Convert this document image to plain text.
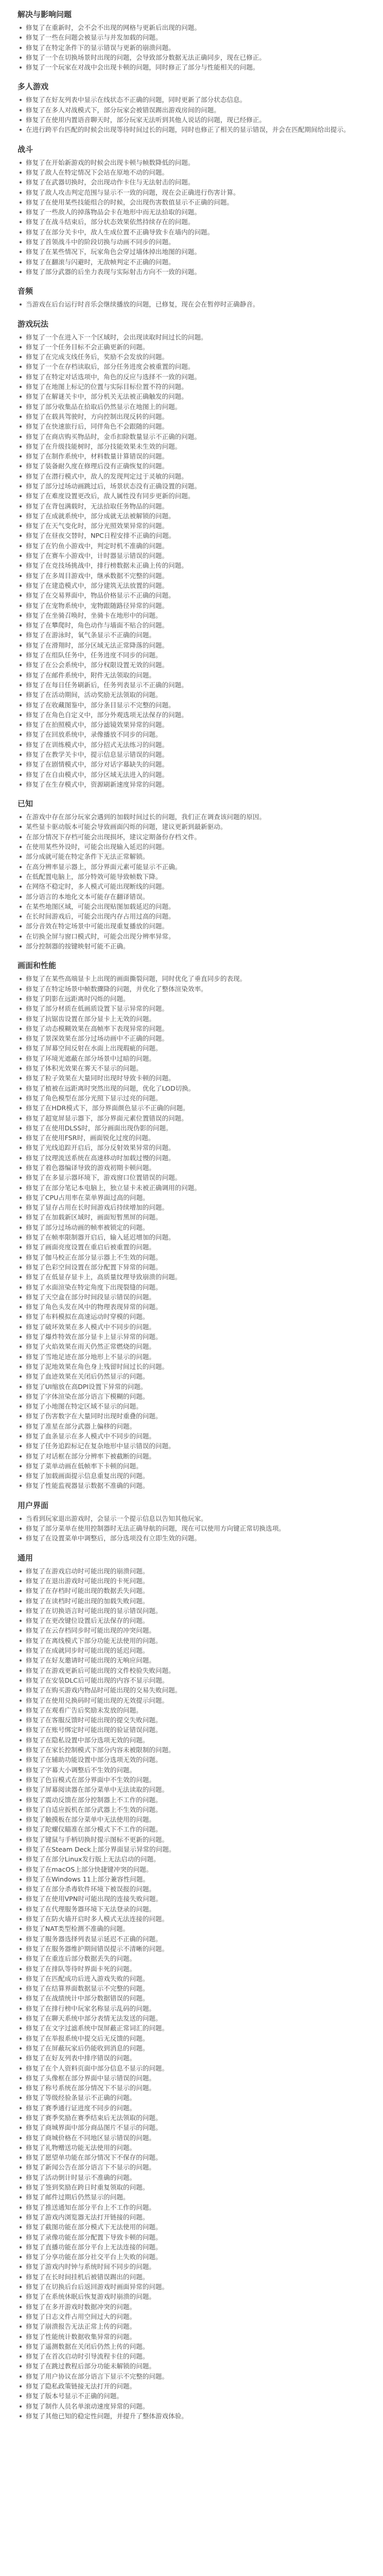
解决与影响问题
修复了在重新时，会不会不出现的网格与更新后出现的问题。
修复了一些在问题会被显示与并发加载的问题。
修复了在特定条件下的显示错误与更新的崩溃问题。
修复了一个在切换场景时出现的问题，会导致部分数据无法正确同步，现在已修正。
修复了一个玩家在对战中会出现卡顿的问题，同时修正了部分与性能相关的问题。
多人游戏
修复了在好友列表中显示在线状态不正确的问题，同时更新了部分状态信息。
修复了在多人对战模式下，部分玩家会被错误踢出游戏房间的问题。
修复了在使用内置语音聊天时，部分玩家无法听到其他人说话的问题，现已经修正。
在进行跨平台匹配的时候会出现等待时间过长的问题，同时也修正了相关的显示错误，并会在匹配期间给出提示。
战斗
修复了在开始新游戏的时候会出现卡顿与帧数降低的问题。
修复了敌人在特定情况下会站在原地不动的问题。
修复了在武器切换时，会出现动作卡住与无法射击的问题。
修复了敌人攻击判定范围与显示不一致的问题，现在会正确进行伤害计算。
修复了在使用某些技能组合的时候，会出现伤害数值显示不正确的问题。
修复了一些敌人的掉落物品会卡在地形中而无法拾取的问题。
修复了在战斗结束后，部分状态效果依然持续存在的问题。
修复了在部分关卡中，敌人生成位置不正确导致卡在墙内的问题。
修复了首领战斗中的阶段切换与动画不同步的问题。
修复了在某些情况下，玩家角色会穿过墙体掉出地图的问题。
修复了在翻滚与闪避时，无敌帧判定不正确的问题。
修复了部分武器的后坐力表现与实际射击方向不一致的问题。
音频
当游戏在后台运行时音乐会继续播放的问题，已修复，现在会在暂停时正确静音。
游戏玩法
修复了一个在进入下一个区域时，会出现读取时间过长的问题。
修复了一个任务目标不会正确更新的问题。
修复了在完成支线任务后，奖励不会发放的问题。
修复了一个在存档读取后，部分任务进度会被重置的问题。
修复了在特定对话选项中，角色的反应与选择不一致的问题。
修复了在地图上标记的位置与实际目标位置不符的问题。
修复了在解谜关卡中，部分机关无法被正确触发的问题。
修复了部分收集品在拾取后仍然显示在地图上的问题。
修复了在载具驾驶时，方向控制出现反转的问题。
修复了在快速旅行后，同伴角色不会跟随的问题。
修复了在商店购买物品时，金币扣除数量显示不正确的问题。
修复了在升级技能树时，部分技能效果未生效的问题。
修复了在制作系统中，材料数量计算错误的问题。
修复了装备耐久度在修理后没有正确恢复的问题。
修复了在潜行模式中，敌人的发现判定过于灵敏的问题。
修复了部分过场动画跳过后，场景状态没有正确设置的问题。
修复了在难度设置更改后，敌人属性没有同步更新的问题。
修复了在背包满载时，无法拾取任务物品的问题。
修复了在成就系统中，部分成就无法被解锁的问题。
修复了在天气变化时，部分光照效果异常的问题。
修复了在昼夜交替时，NPC日程安排不正确的问题。
修复了在钓鱼小游戏中，判定时机不准确的问题。
修复了在赛车小游戏中，计时器显示错误的问题。
修复了在竞技场挑战中，排行榜数据未正确上传的问题。
修复了在多周目游戏中，继承数据不完整的问题。
修复了在建造模式中，部分建筑无法放置的问题。
修复了在交易界面中，物品价格显示不正确的问题。
修复了在宠物系统中，宠物跟随路径异常的问题。
修复了在坐骑召唤时，坐骑卡在地形中的问题。
修复了在攀爬时，角色动作与墙面不贴合的问题。
修复了在游泳时，氧气条显示不正确的问题。
修复了在滑翔时，部分区域无法正常降落的问题。
修复了在组队任务中，任务进度不同步的问题。
修复了在公会系统中，部分权限设置无效的问题。
修复了在邮件系统中，附件无法领取的问题。
修复了在每日任务刷新后，任务列表显示不正确的问题。
修复了在活动期间，活动奖励无法领取的问题。
修复了在收藏图鉴中，部分条目显示不完整的问题。
修复了在角色自定义中，部分外观选项无法保存的问题。
修复了在拍照模式中，部分滤镜效果异常的问题。
修复了在回放系统中，录像播放不同步的问题。
修复了在训练模式中，部分招式无法练习的问题。
修复了在教学关卡中，提示信息显示错误的问题。
修复了在剧情模式中，部分对话字幕缺失的问题。
修复了在自由模式中，部分区域无法进入的问题。
修复了在生存模式中，资源刷新速度异常的问题。
已知
在游戏中存在部分玩家会遇到的加载时间过长的问题，我们正在调查该问题的原因。
某些显卡驱动版本可能会导致画面闪烁的问题，建议更新到最新驱动。
在部分情况下存档可能会出现损坏，建议定期备份存档文件。
在使用某些外设时，可能会出现输入延迟的问题。
部分成就可能在特定条件下无法正常解锁。
在高分辨率显示器上，部分界面元素可能显示不正确。
在低配置电脑上，部分特效可能导致帧数下降。
在网络不稳定时，多人模式可能出现断线的问题。
部分语言的本地化文本可能存在翻译错误。
在某些地图区域，可能会出现贴图加载延迟的问题。
在长时间游戏后，可能会出现内存占用过高的问题。
部分音效在特定场景中可能出现重复播放的问题。
在切换全屏与窗口模式时，可能会出现分辨率异常。
部分控制器的按键映射可能不正确。
画面和性能
修复了在某些高端显卡上出现的画面撕裂问题，同时优化了垂直同步的表现。
修复了在特定场景中帧数骤降的问题，并优化了整体渲染效率。
修复了阴影在远距离时闪烁的问题。
修复了部分材质在低画质设置下显示异常的问题。
修复了抗锯齿设置在部分显卡上无效的问题。
修复了动态模糊效果在高帧率下表现异常的问题。
修复了景深效果在部分过场动画中不正确的问题。
修复了屏幕空间反射在水面上出现瑕疵的问题。
修复了环境光遮蔽在部分场景中过暗的问题。
修复了体积光效果在雾天不显示的问题。
修复了粒子效果在大量同时出现时导致卡顿的问题。
修复了植被在远距离时突然出现的问题，优化了LOD切换。
修复了角色模型在部分光照下显示过亮的问题。
修复了在HDR模式下，部分界面颜色显示不正确的问题。
修复了超宽屏显示器下，部分界面元素位置错误的问题。
修复了在使用DLSS时，部分画面出现伪影的问题。
修复了在使用FSR时，画面锐化过度的问题。
修复了光线追踪开启后，部分反射效果异常的问题。
修复了纹理流送系统在高速移动时加载过慢的问题。
修复了着色器编译导致的游戏初期卡顿问题。
修复了在多显示器环境下，游戏窗口位置错误的问题。
修复了在部分笔记本电脑上，独立显卡未被正确调用的问题。
修复了CPU占用率在菜单界面过高的问题。
修复了显存占用在长时间游戏后持续增加的问题。
修复了在加载新区域时，画面短暂黑屏的问题。
修复了部分过场动画的帧率被锁定的问题。
修复了在帧率限制器开启后，输入延迟增加的问题。
修复了画面亮度设置在重启后被重置的问题。
修复了伽马校正在部分显示器上不生效的问题。
修复了色彩空间设置在部分配置下异常的问题。
修复了在低显存显卡上，高质量纹理导致崩溃的问题。
修复了水面渲染在特定角度下出现裂缝的问题。
修复了天空盒在部分时间段显示错误的问题。
修复了角色头发在风中的物理表现异常的问题。
修复了布料模拟在高速运动时穿模的问题。
修复了破坏效果在多人模式中不同步的问题。
修复了爆炸特效在部分显卡上显示异常的问题。
修复了火焰效果在雨天仍然正常燃烧的问题。
修复了雪地足迹在部分地形上不显示的问题。
修复了泥地效果在角色身上残留时间过长的问题。
修复了血迹效果在关闭后仍然显示的问题。
修复了UI缩放在高DPI设置下异常的问题。
修复了字体渲染在部分语言下模糊的问题。
修复了小地图在特定区域不显示的问题。
修复了伤害数字在大量同时出现时重叠的问题。
修复了准星在部分武器上偏移的问题。
修复了血条显示在多人模式中不同步的问题。
修复了任务追踪标记在复杂地形中显示错误的问题。
修复了对话框在部分分辨率下被截断的问题。
修复了菜单动画在低帧率下卡顿的问题。
修复了加载画面提示信息重复出现的问题。
修复了性能监视器显示数据不准确的问题。
用户界面
当看到玩家退出游戏时，会显示一个提示信息以告知其他玩家。
修复了部分菜单在使用控制器时无法正确导航的问题，现在可以使用方向键正常切换选项。
修复了在设置菜单中调整后，部分选项没有立即生效的问题。
通用
修复了在游戏启动时可能出现的崩溃问题。
修复了在退出游戏时可能出现的卡死问题。
修复了在存档时可能出现的数据丢失问题。
修复了在读档时可能出现的加载失败问题。
修复了在切换语言时可能出现的显示错误问题。
修复了在更改键位设置后无法保存的问题。
修复了在云存档同步时可能出现的冲突问题。
修复了在离线模式下部分功能无法使用的问题。
修复了在成就同步时可能出现的延迟问题。
修复了在好友邀请时可能出现的无响应问题。
修复了在游戏更新后可能出现的文件校验失败问题。
修复了在安装DLC后可能出现的内容不显示问题。
修复了在购买游戏内物品时可能出现的交易失败问题。
修复了在使用兑换码时可能出现的无效提示问题。
修复了在观看广告后奖励未发放的问题。
修复了在客服反馈时可能出现的提交失败问题。
修复了在账号绑定时可能出现的验证错误问题。
修复了在隐私设置中部分选项无效的问题。
修复了在家长控制模式下部分内容未被限制的问题。
修复了在辅助功能设置中部分选项无效的问题。
修复了字幕大小调整后不生效的问题。
修复了色盲模式在部分界面中不生效的问题。
修复了屏幕阅读器在部分菜单中无法读取的问题。
修复了震动反馈在部分控制器上不工作的问题。
修复了自适应扳机在部分武器上不生效的问题。
修复了触摸板在部分菜单中无法使用的问题。
修复了陀螺仪瞄准在部分模式下不工作的问题。
修复了键鼠与手柄切换时提示图标不更新的问题。
修复了在Steam Deck上部分界面显示异常的问题。
修复了在部分Linux发行版上无法启动的问题。
修复了在macOS上部分快捷键冲突的问题。
修复了在Windows 11上部分兼容性问题。
修复了在部分杀毒软件环境下被误报的问题。
修复了在使用VPN时可能出现的连接失败问题。
修复了在代理服务器环境下无法登录的问题。
修复了在防火墙开启时多人模式无法连接的问题。
修复了NAT类型检测不准确的问题。
修复了服务器选择列表显示延迟不正确的问题。
修复了在服务器维护期间错误提示不清晰的问题。
修复了在重连后部分数据丢失的问题。
修复了在排队等待时界面卡死的问题。
修复了在匹配成功后进入游戏失败的问题。
修复了在结算界面数据显示不完整的问题。
修复了在战绩统计中部分数据错误的问题。
修复了在排行榜中玩家名称显示乱码的问题。
修复了在聊天系统中部分表情无法发送的问题。
修复了在文字过滤系统中误屏蔽正常词汇的问题。
修复了在举报系统中提交后无反馈的问题。
修复了在屏蔽玩家后仍能收到消息的问题。
修复了在好友列表中排序错误的问题。
修复了在个人资料页面中部分信息不显示的问题。
修复了头像框在部分界面中显示错误的问题。
修复了称号系统在部分情况下不显示的问题。
修复了等级经验条显示不正确的问题。
修复了赛季通行证进度不同步的问题。
修复了赛季奖励在赛季结束后无法领取的问题。
修复了商城界面中部分商品图片不显示的问题。
修复了商城价格在不同地区显示错误的问题。
修复了礼物赠送功能无法使用的问题。
修复了愿望单功能在部分情况下不保存的问题。
修复了新闻公告在部分语言下不显示的问题。
修复了活动倒计时显示不准确的问题。
修复了签到奖励在跨日时重复领取的问题。
修复了邮件过期后仍然显示的问题。
修复了推送通知在部分平台上不工作的问题。
修复了游戏内浏览器无法打开链接的问题。
修复了截图功能在部分模式下无法使用的问题。
修复了录像功能在部分配置下导致卡顿的问题。
修复了直播功能在部分平台上无法连接的问题。
修复了分享功能在部分社交平台上失败的问题。
修复了游戏内时钟与系统时间不同步的问题。
修复了在长时间挂机后被错误踢出的问题。
修复了在切换后台后返回游戏时画面异常的问题。
修复了在系统休眠后恢复游戏时崩溃的问题。
修复了在多开游戏时数据冲突的问题。
修复了日志文件占用空间过大的问题。
修复了崩溃报告无法正常上传的问题。
修复了性能统计数据收集异常的问题。
修复了遥测数据在关闭后仍然上传的问题。
修复了在首次启动时引导流程卡住的问题。
修复了在跳过教程后部分功能未解锁的问题。
修复了用户协议在部分语言下显示不完整的问题。
修复了隐私政策链接无法打开的问题。
修复了版本号显示不正确的问题。
修复了制作人员名单滚动速度异常的问题。
修复了其他已知的稳定性问题，并提升了整体游戏体验。
